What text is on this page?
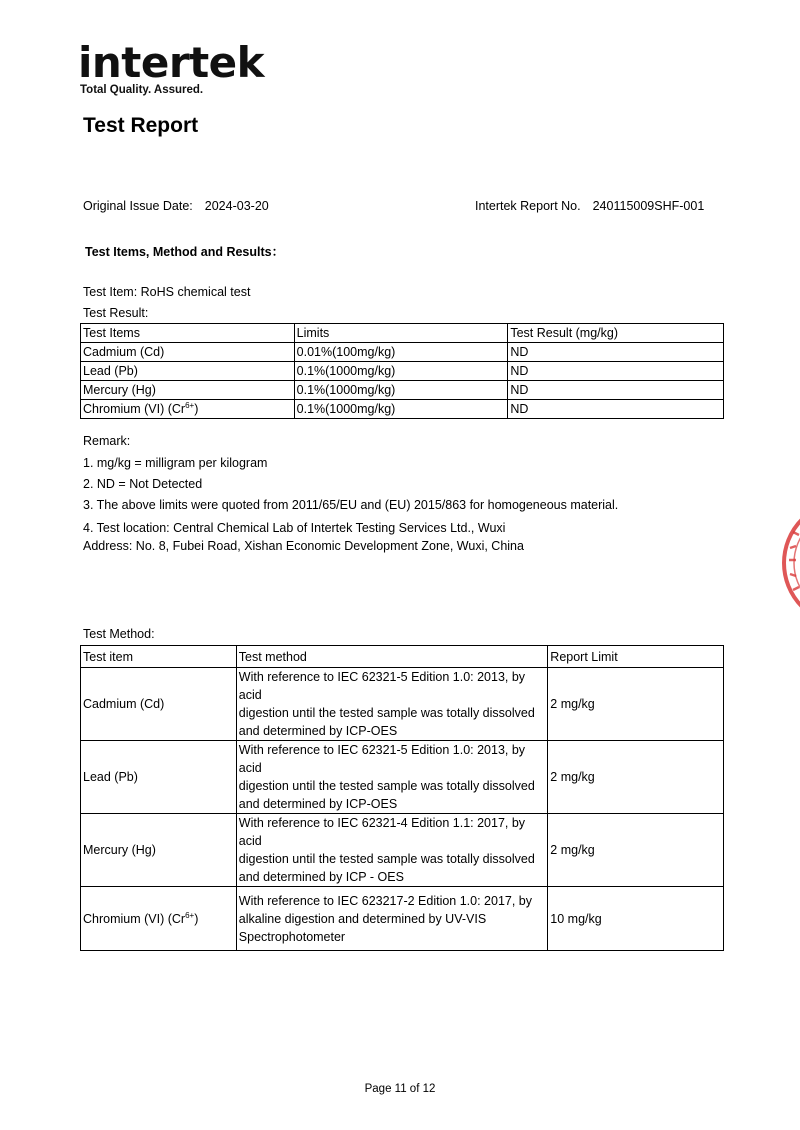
intertek
Total Quality. Assured.
Test Report
Original Issue Date: 2024-03-20	Intertek Report No. 240115009SHF-001
Test Items, Method and Results：
Test Item: RoHS chemical test
Test Result:
Test Items	Limits	Test Result (mg/kg)
Cadmium (Cd)	0.01%(100mg/kg)	ND
Lead (Pb)	0.1%(1000mg/kg)	ND
Mercury (Hg)	0.1%(1000mg/kg)	ND
Chromium (VI) $(Cr^{6+})$	0.1%(1000mg/kg)	ND
Remark:
1. mg/kg = milligram per kilogram
2. ND = Not Detected
3. The above limits were quoted from 2011/65/EU and (EU) 2015/863 for homogeneous material.
4. Test location: Central Chemical Lab of Intertek Testing Services Ltd., Wuxi
Address: No. 8, Fubei Road, Xishan Economic Development Zone, Wuxi, China
Test Method:
Test item	Test method	Report Limit
Cadmium (Cd)	With reference to IEC 62321-5 Edition 1.0: 2013, by acid
digestion until the tested sample was totally dissolved
and determined by ICP-OES	2 mg/kg
Lead (Pb)	With reference to IEC 62321-5 Edition 1.0: 2013, by acid
digestion until the tested sample was totally dissolved
and determined by ICP-OES	2 mg/kg
Mercury (Hg)	With reference to IEC 62321-4 Edition 1.1: 2017, by acid
digestion until the tested sample was totally dissolved
and determined by ICP - OES	2 mg/kg
Chromium (VI) $(Cr^{6+})$	With reference to IEC 623217-2 Edition 1.0: 2017, by
alkaline digestion and determined by UV-VIS
Spectrophotometer	10 mg/kg
Page 11 of 12
